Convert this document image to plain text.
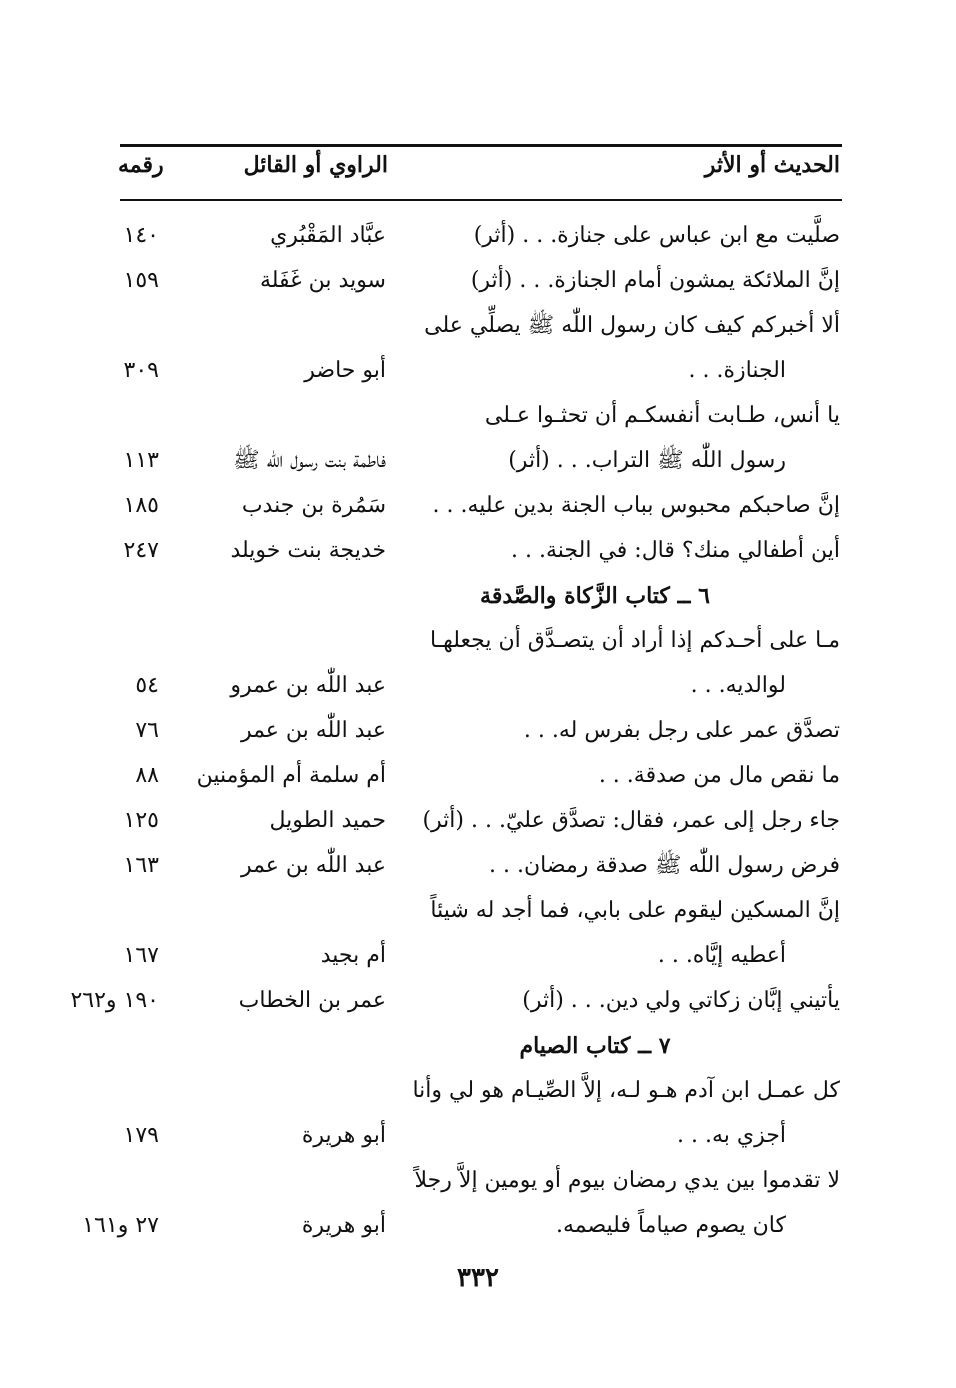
الحديث أو الأثر
الراوي أو القائل
رقمه
صلَّيت مع ابن عباس على جنازة. . . (أثر)
عبَّاد المَقْبُري
١٤٠
إنَّ الملائكة يمشون أمام الجنازة. . . (أثر)
سويد بن غَفَلة
١٥٩
ألا أخبركم كيف كان رسول اللّٰه ﷺ يصلِّي على
الجنازة. . .
أبو حاضر
٣٠٩
يا أنس، طـابت أنفسكـم أن تحثـوا عـلى
رسول اللّٰه ﷺ التراب. . . (أثر)
فاطمة بنت رسول اللّٰه ﷺ
١١٣
إنَّ صاحبكم محبوس بباب الجنة بدين عليه. . .
سَمُرة بن جندب
١٨٥
أين أطفالي منك؟ قال: في الجنة. . .
خديجة بنت خويلد
٢٤٧
٦ ــ كتاب الزَّكاة والصَّدقة
مـا على أحـدكم إذا أراد أن يتصـدَّق أن يجعلهـا
لوالديه. . .
عبد اللّٰه بن عمرو
٥٤
تصدَّق عمر على رجل بفرس له. . .
عبد اللّٰه بن عمر
٧٦
ما نقص مال من صدقة. . .
أم سلمة أم المؤمنين
٨٨
جاء رجل إلى عمر، فقال: تصدَّق عليّ. . . (أثر)
حميد الطويل
١٢٥
فرض رسول اللّٰه ﷺ صدقة رمضان. . .
عبد اللّٰه بن عمر
١٦٣
إنَّ المسكين ليقوم على بابي، فما أجد له شيئاً
أعطيه إيَّاه. . .
أم بجيد
١٦٧
يأتيني إبَّان زكاتي ولي دين. . . (أثر)
عمر بن الخطاب
١٩٠ و٢٦٢
٧ ــ كتاب الصيام
كل عمـل ابن آدم هـو لـه، إلاَّ الصِّيـام هو لي وأنا
أجزي به. . .
أبو هريرة
١٧٩
لا تقدموا بين يدي رمضان بيوم أو يومين إلاَّ رجلاً
كان يصوم صياماً فليصمه.
أبو هريرة
٢٧ و١٦١
٣٣٢
